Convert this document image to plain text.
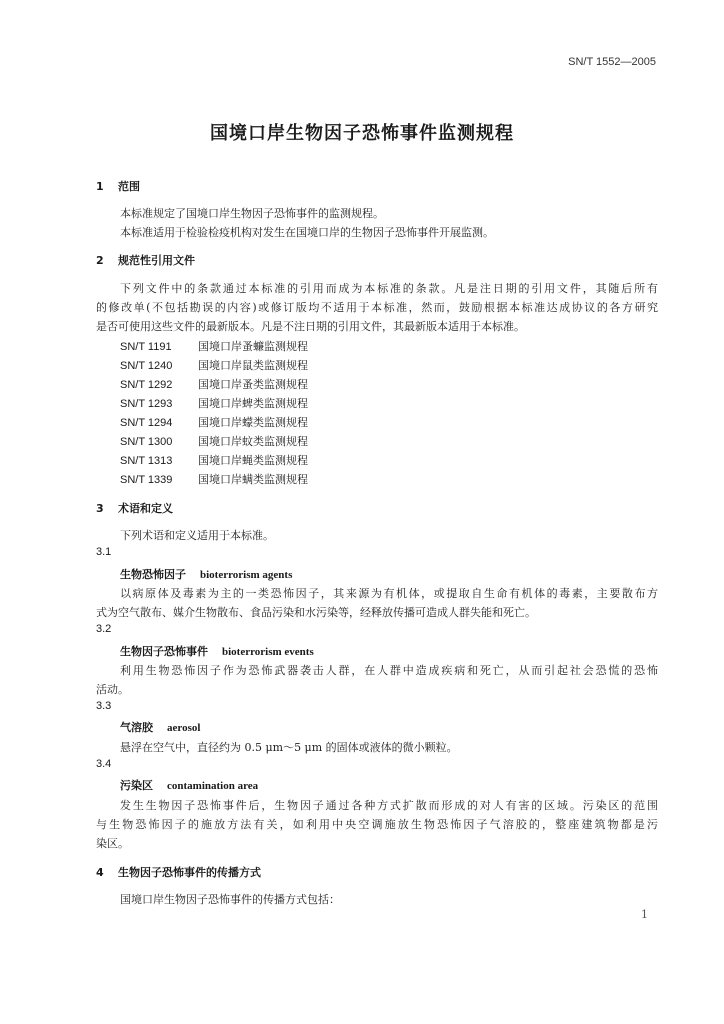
SN/T 1552—2005
国境口岸生物因子恐怖事件监测规程
1 范围
本标准规定了国境口岸生物因子恐怖事件的监测规程。
本标准适用于检验检疫机构对发生在国境口岸的生物因子恐怖事件开展监测。
2 规范性引用文件
下列文件中的条款通过本标准的引用而成为本标准的条款。凡是注日期的引用文件，其随后所有
的修改单(不包括勘误的内容)或修订版均不适用于本标准，然而，鼓励根据本标准达成协议的各方研究
是否可使用这些文件的最新版本。凡是不注日期的引用文件，其最新版本适用于本标准。
SN/T 1191 国境口岸蚤蠊监测规程
SN/T 1240 国境口岸鼠类监测规程
SN/T 1292 国境口岸蚤类监测规程
SN/T 1293 国境口岸蜱类监测规程
SN/T 1294 国境口岸蠓类监测规程
SN/T 1300 国境口岸蚊类监测规程
SN/T 1313 国境口岸蝇类监测规程
SN/T 1339 国境口岸螨类监测规程
3 术语和定义
下列术语和定义适用于本标准。
3.1
生物恐怖因子 bioterrorism agents
以病原体及毒素为主的一类恐怖因子，其来源为有机体，或提取自生命有机体的毒素，主要散布方
式为空气散布、媒介生物散布、食品污染和水污染等，经释放传播可造成人群失能和死亡。
3.2
生物因子恐怖事件 bioterrorism events
利用生物恐怖因子作为恐怖武器袭击人群，在人群中造成疾病和死亡，从而引起社会恐慌的恐怖
活动。
3.3
气溶胶 aerosol
悬浮在空气中，直径约为 0.5 μm～5 μm 的固体或液体的微小颗粒。
3.4
污染区 contamination area
发生生物因子恐怖事件后，生物因子通过各种方式扩散而形成的对人有害的区域。污染区的范围
与生物恐怖因子的施放方法有关，如利用中央空调施放生物恐怖因子气溶胶的，整座建筑物都是污
染区。
4 生物因子恐怖事件的传播方式
国境口岸生物因子恐怖事件的传播方式包括：
1
